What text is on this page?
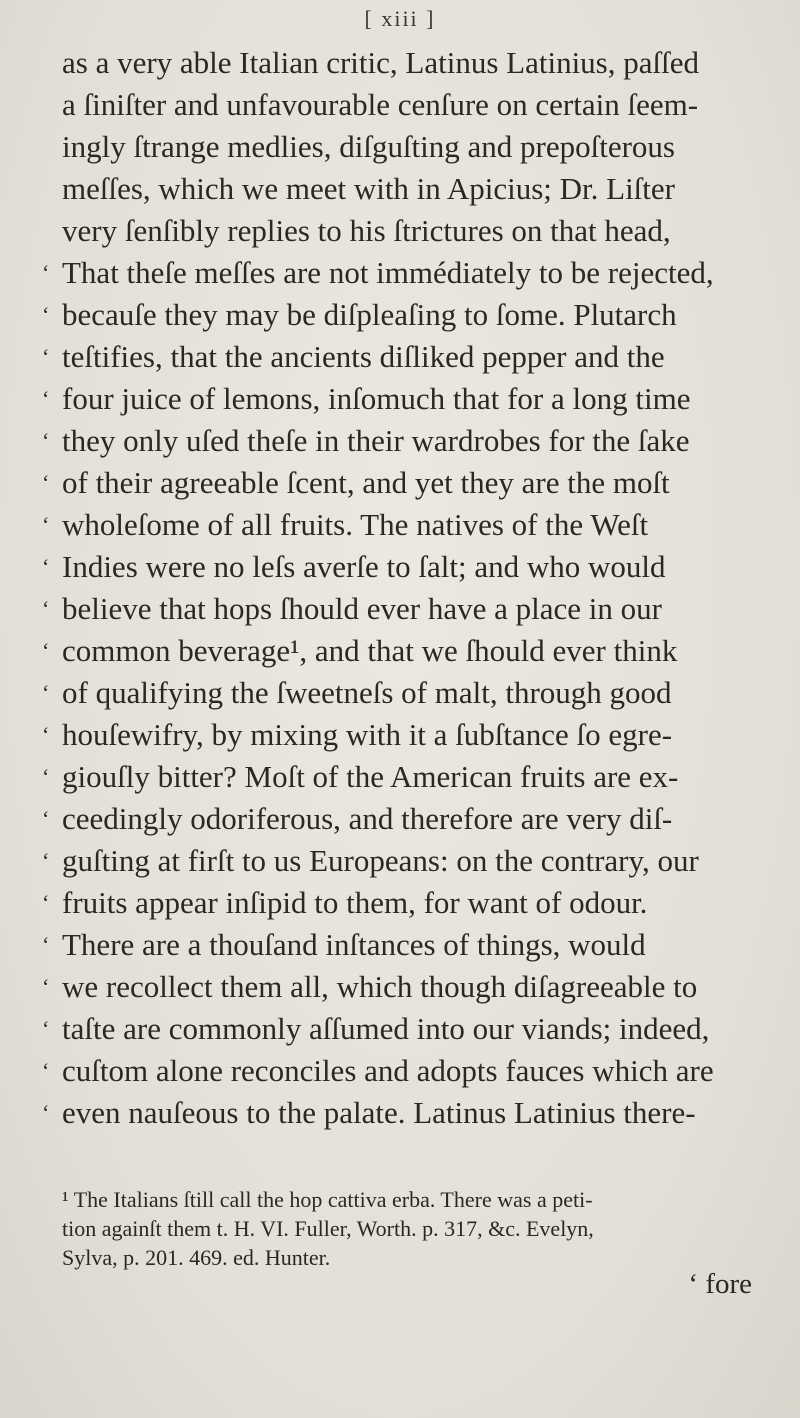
[ xiii ]
as a very able Italian critic, Latinus Latinius, paſſed
a ſiniſter and unfavourable cenſure on certain ſeem-
ingly ſtrange medlies, diſguſting and prepoſterous
meſſes, which we meet with in Apicius; Dr. Liſter
very ſenſibly replies to his ſtrictures on that head,
‘ That theſe meſſes are not immédiately to be rejected,
‘ becauſe they may be diſpleaſing to ſome. Plutarch
‘ teſtifies, that the ancients diſliked pepper and the
‘ four juice of lemons, inſomuch that for a long time
‘ they only uſed theſe in their wardrobes for the ſake
‘ of their agreeable ſcent, and yet they are the moſt
‘ wholeſome of all fruits. The natives of the Weſt
‘ Indies were no leſs averſe to ſalt; and who would
‘ believe that hops ſhould ever have a place in our
‘ common beverage¹, and that we ſhould ever think
‘ of qualifying the ſweetneſs of malt, through good
‘ houſewifry, by mixing with it a ſubſtance ſo egre-
‘ giouſly bitter? Moſt of the American fruits are ex-
‘ ceedingly odoriferous, and therefore are very diſ-
‘ guſting at firſt to us Europeans: on the contrary, our
‘ fruits appear inſipid to them, for want of odour.
‘ There are a thouſand inſtances of things, would
‘ we recollect them all, which though diſagreeable to
‘ taſte are commonly aſſumed into our viands; indeed,
‘ cuſtom alone reconciles and adopts fauces which are
‘ even nauſeous to the palate. Latinus Latinius there-
¹ The Italians ſtill call the hop cattiva erba. There was a peti-
tion againſt them t. H. VI. Fuller, Worth. p. 317, &c. Evelyn,
Sylva, p. 201. 469. ed. Hunter.
‘ fore
